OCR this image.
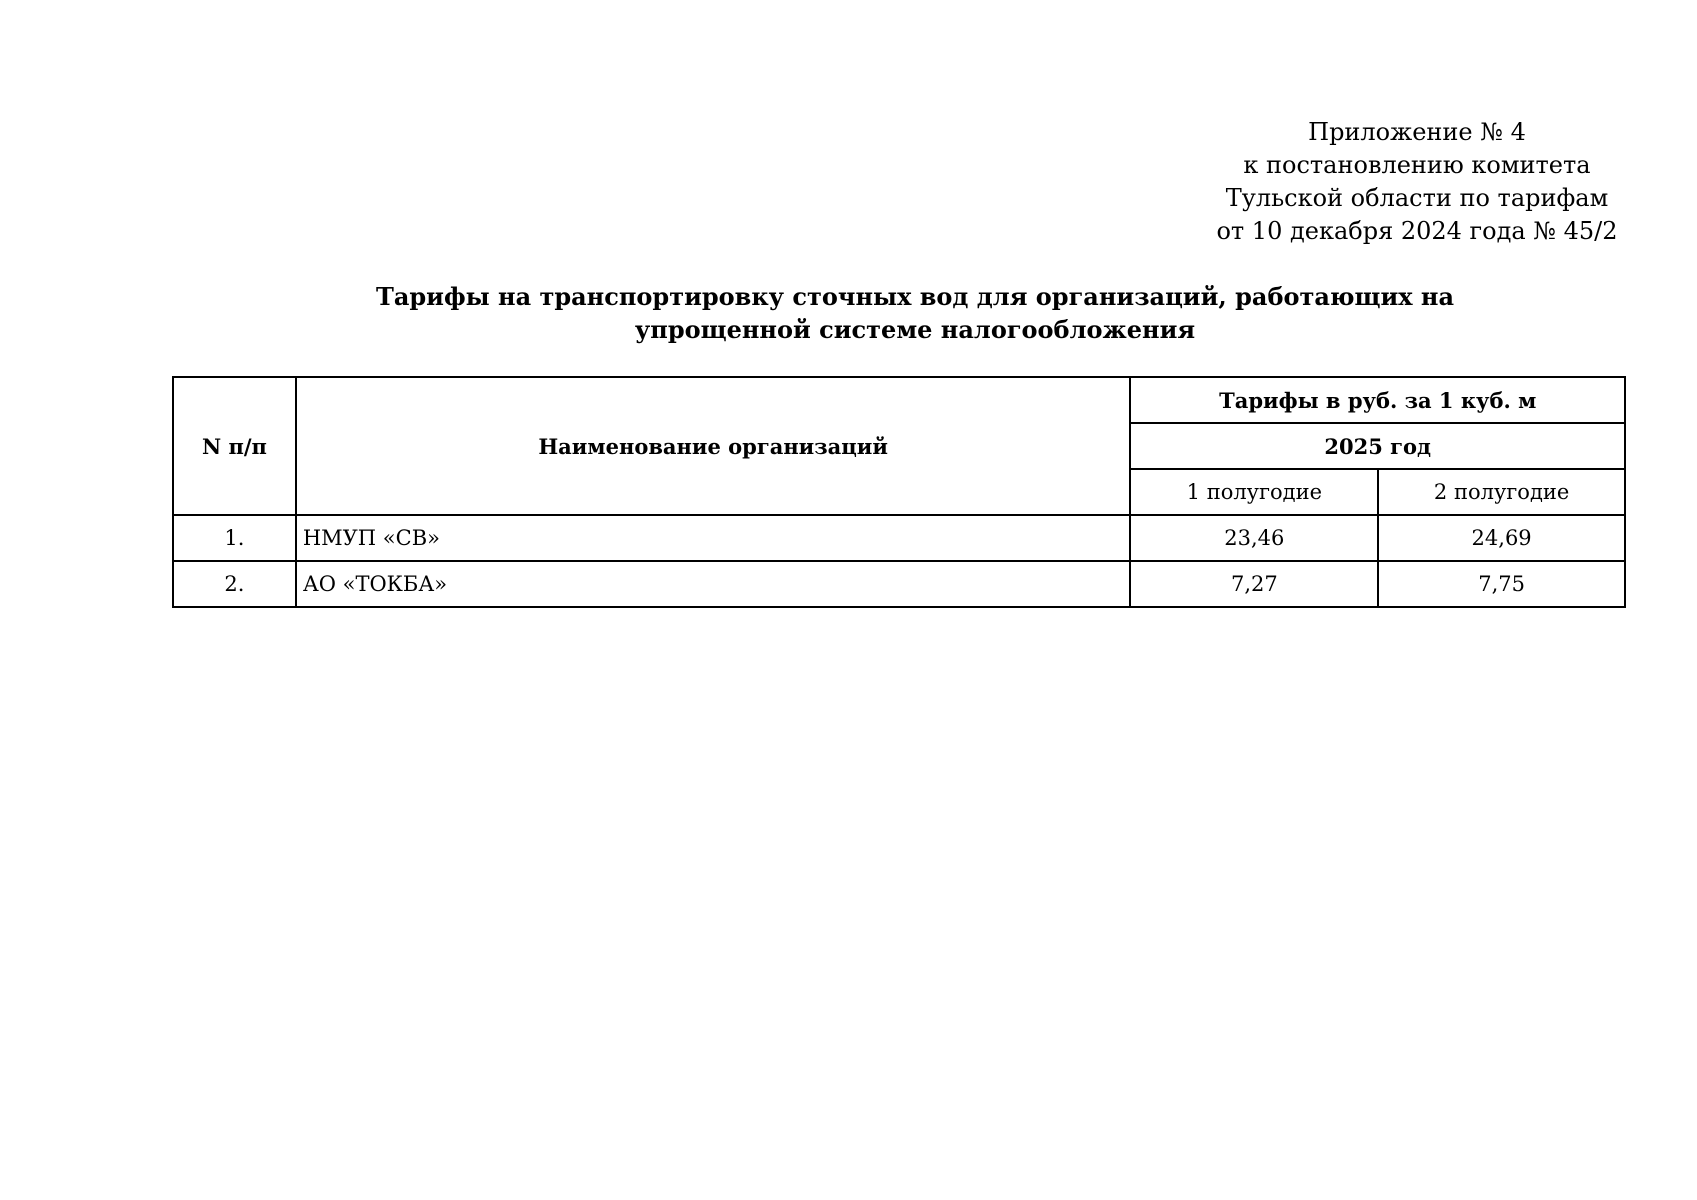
Приложение № 4
к постановлению комитета
Тульской области по тарифам
от 10 декабря 2024 года № 45/2
Тарифы на транспортировку сточных вод для организаций, работающих на упрощенной системе налогообложения
N п/п	Наименование организаций	Тарифы в руб. за 1 куб. м	
		2025 год	
		1 полугодие	2 полугодие
1.	НМУП «СВ»	23,46	24,69
2.	АО «ТОКБА»	7,27	7,75
